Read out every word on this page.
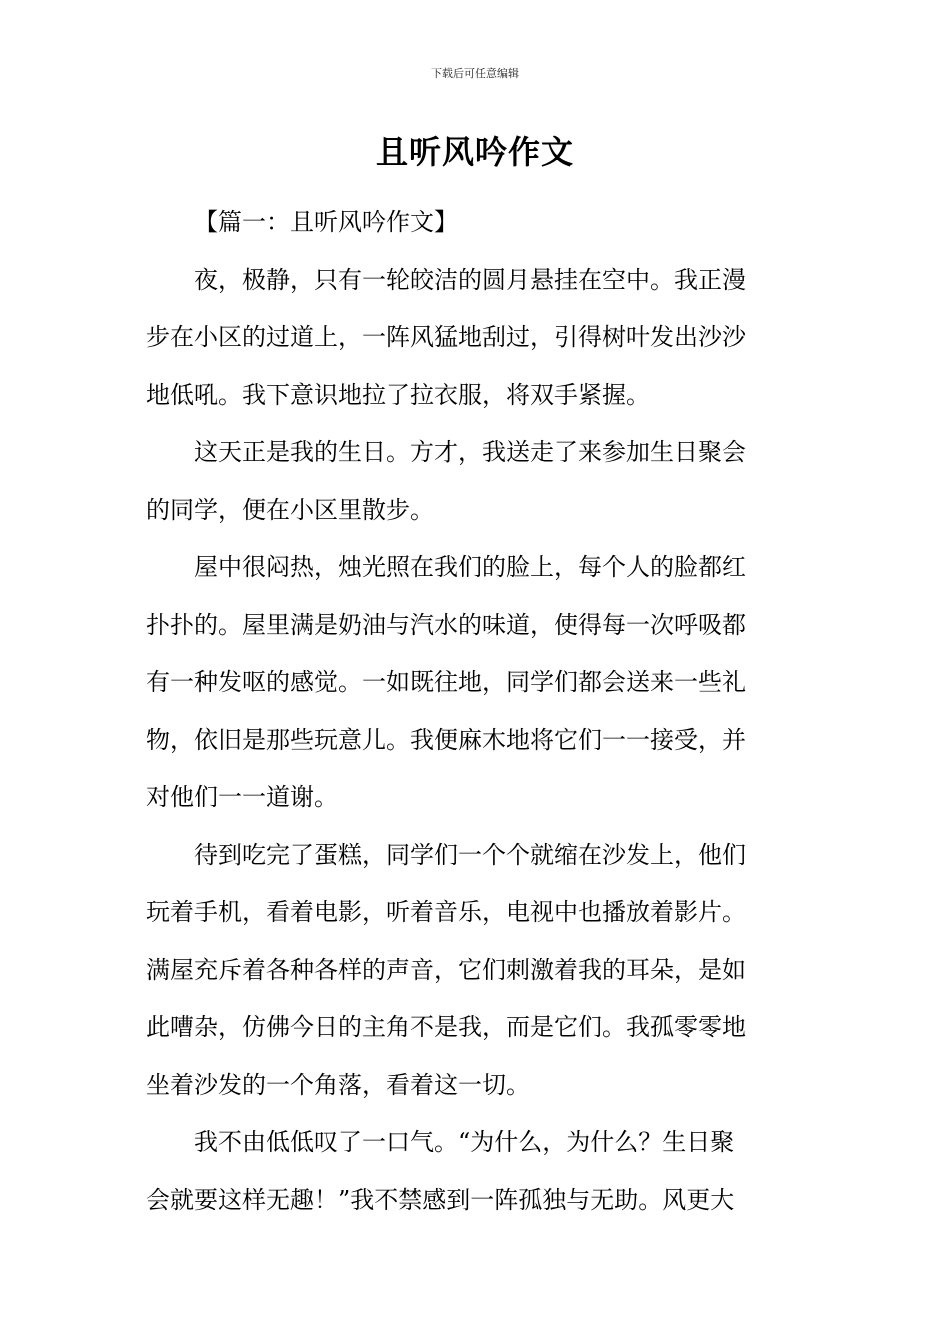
下载后可任意编辑
且听风吟作文
【篇一：且听风吟作文】
　　夜，极静，只有一轮皎洁的圆月悬挂在空中。我正漫
步在小区的过道上，一阵风猛地刮过，引得树叶发出沙沙
地低吼。我下意识地拉了拉衣服，将双手紧握。
　　这天正是我的生日。方才，我送走了来参加生日聚会
的同学，便在小区里散步。
　　屋中很闷热，烛光照在我们的脸上，每个人的脸都红
扑扑的。屋里满是奶油与汽水的味道，使得每一次呼吸都
有一种发呕的感觉。一如既往地，同学们都会送来一些礼
物，依旧是那些玩意儿。我便麻木地将它们一一接受，并
对他们一一道谢。
　　待到吃完了蛋糕，同学们一个个就缩在沙发上，他们
玩着手机，看着电影，听着音乐，电视中也播放着影片。
满屋充斥着各种各样的声音，它们刺激着我的耳朵，是如
此嘈杂，仿佛今日的主角不是我，而是它们。我孤零零地
坐着沙发的一个角落，看着这一切。
　　我不由低低叹了一口气。“为什么，为什么？生日聚
会就要这样无趣！”我不禁感到一阵孤独与无助。风更大
